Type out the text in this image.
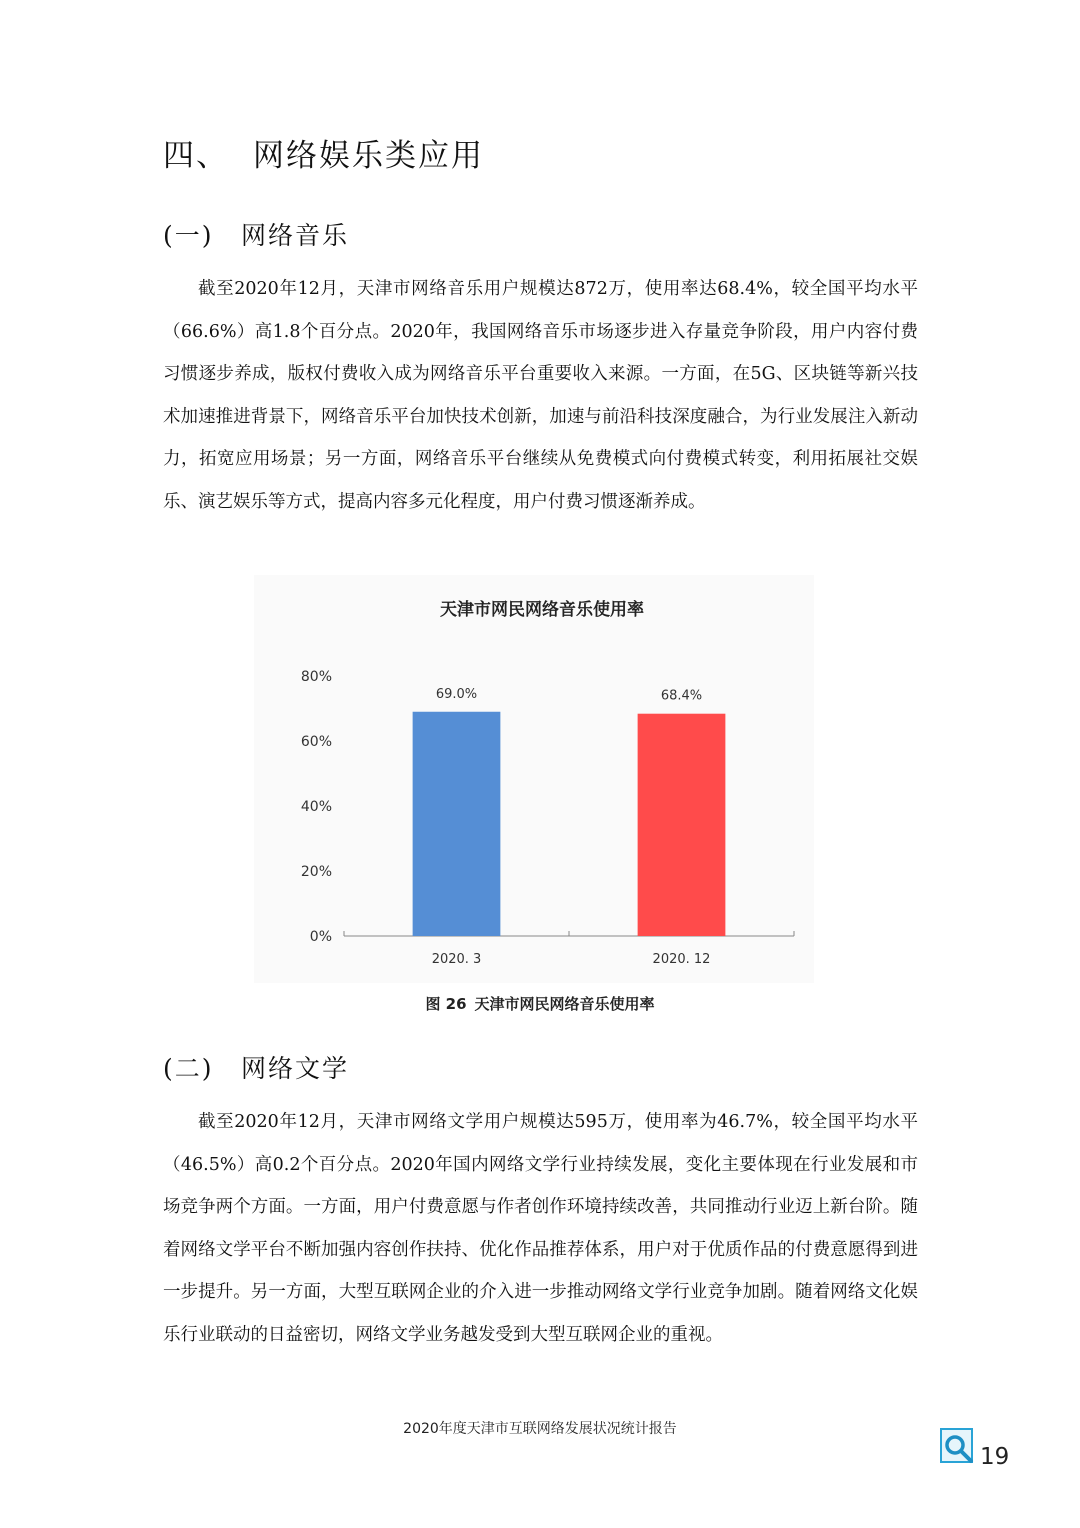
四、 网络娱乐类应用
(一) 网络音乐

截至2020年12月，天津市网络音乐用户规模达872万，使用率达68.4%，较全国平均水平（66.6%）高1.8个百分点。2020年，我国网络音乐市场逐步进入存量竞争阶段，用户内容付费习惯逐步养成，版权付费收入成为网络音乐平台重要收入来源。一方面，在5G、区块链等新兴技术加速推进背景下，网络音乐平台加快技术创新，加速与前沿科技深度融合，为行业发展注入新动力，拓宽应用场景；另一方面，网络音乐平台继续从免费模式向付费模式转变，利用拓展社交娱乐、演艺娱乐等方式，提高内容多元化程度，用户付费习惯逐渐养成。

天津市网民网络音乐使用率
0%
20%
40%
60%
80%
69.0%
2020. 3
68.4%
2020. 12
图 26 天津市网民网络音乐使用率
(二) 网络文学

截至2020年12月，天津市网络文学用户规模达595万，使用率为46.7%，较全国平均水平（46.5%）高0.2个百分点。2020年国内网络文学行业持续发展，变化主要体现在行业发展和市场竞争两个方面。一方面，用户付费意愿与作者创作环境持续改善，共同推动行业迈上新台阶。随着网络文学平台不断加强内容创作扶持、优化作品推荐体系，用户对于优质作品的付费意愿得到进一步提升。另一方面，大型互联网企业的介入进一步推动网络文学行业竞争加剧。随着网络文化娱乐行业联动的日益密切，网络文学业务越发受到大型互联网企业的重视。

2020年度天津市互联网络发展状况统计报告
19
